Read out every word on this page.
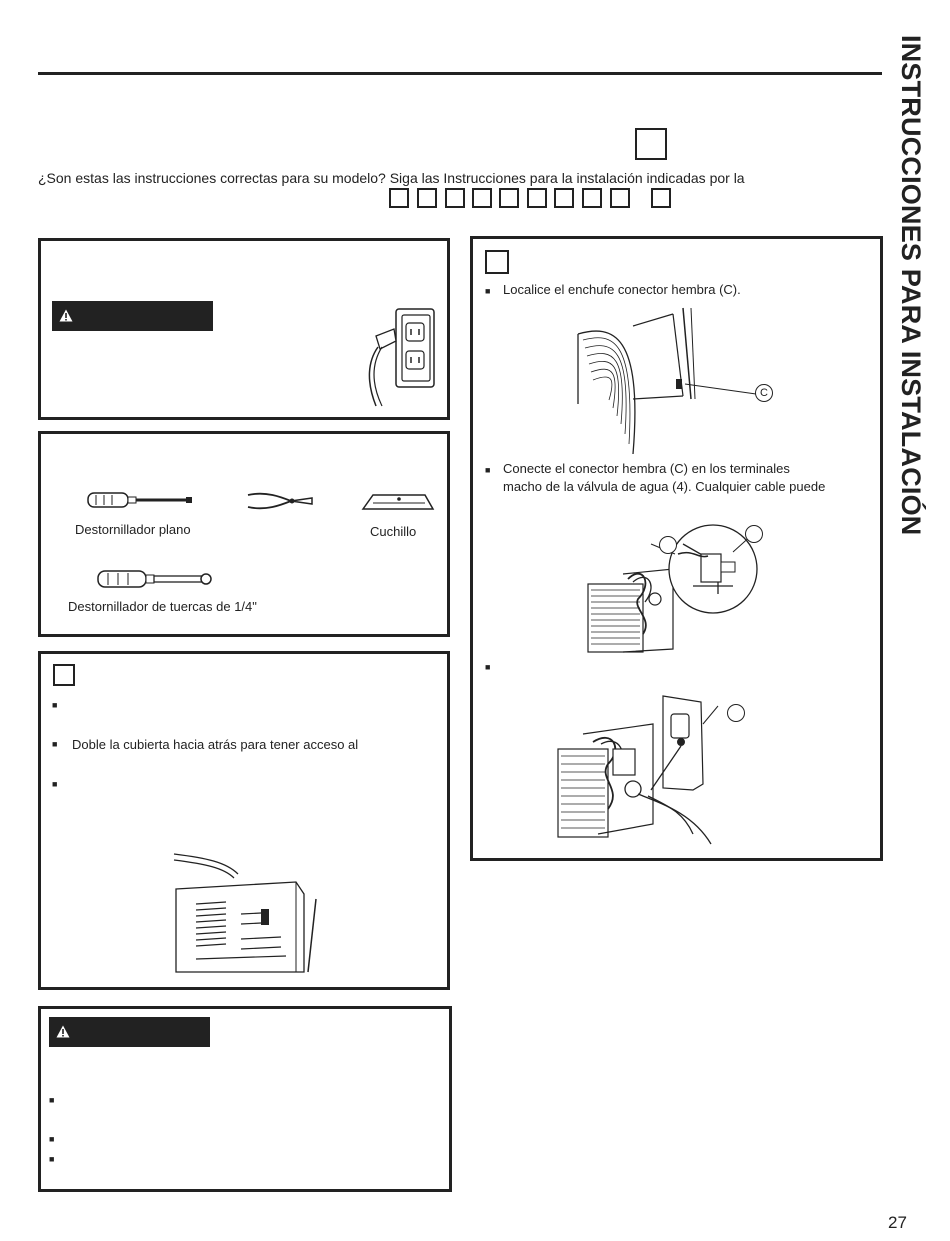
INSTRUCCIONES PARA INSTALACIÓN
¿Son estas las instrucciones correctas para su modelo? Siga las Instrucciones para la instalación indicadas por la
Destornillador plano	Cuchillo
Destornillador de tuercas de 1/4"
■
■ Doble la cubierta hacia atrás para tener acceso al
■
■
■
■
■ Localice el enchufe conector hembra (C).
C
■ Conecte el conector hembra (C) en los terminales
macho de la válvula de agua (4). Cualquier cable puede
■
27
